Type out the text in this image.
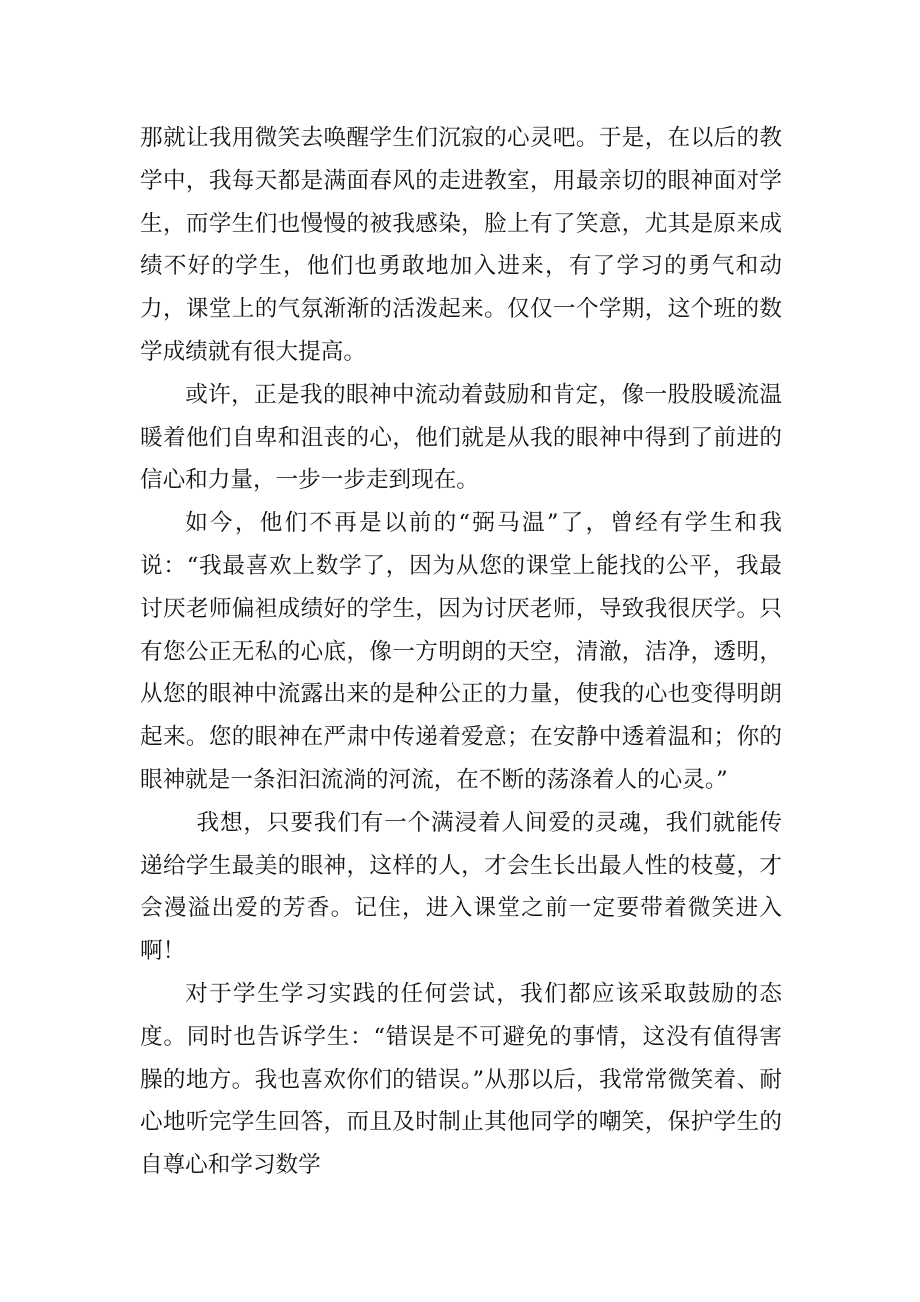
那就让我用微笑去唤醒学生们沉寂的心灵吧。于是，在以后的教学中，我每天都是满面春风的走进教室，用最亲切的眼神面对学生，而学生们也慢慢的被我感染，脸上有了笑意，尤其是原来成绩不好的学生，他们也勇敢地加入进来，有了学习的勇气和动力，课堂上的气氛渐渐的活泼起来。仅仅一个学期，这个班的数学成绩就有很大提高。

或许，正是我的眼神中流动着鼓励和肯定，像一股股暖流温暖着他们自卑和沮丧的心，他们就是从我的眼神中得到了前进的信心和力量，一步一步走到现在。

如今，他们不再是以前的“弼马温”了，曾经有学生和我说：“我最喜欢上数学了，因为从您的课堂上能找的公平，我最讨厌老师偏袒成绩好的学生，因为讨厌老师，导致我很厌学。只有您公正无私的心底，像一方明朗的天空，清澈，洁净，透明，从您的眼神中流露出来的是种公正的力量，使我的心也变得明朗起来。您的眼神在严肃中传递着爱意；在安静中透着温和；你的眼神就是一条汩汩流淌的河流，在不断的荡涤着人的心灵。”

我想，只要我们有一个满浸着人间爱的灵魂，我们就能传递给学生最美的眼神，这样的人，才会生长出最人性的枝蔓，才会漫溢出爱的芳香。记住，进入课堂之前一定要带着微笑进入啊！

对于学生学习实践的任何尝试，我们都应该采取鼓励的态度。同时也告诉学生：“错误是不可避免的事情，这没有值得害臊的地方。我也喜欢你们的错误。”从那以后，我常常微笑着、耐心地听完学生回答，而且及时制止其他同学的嘲笑，保护学生的自尊心和学习数学
